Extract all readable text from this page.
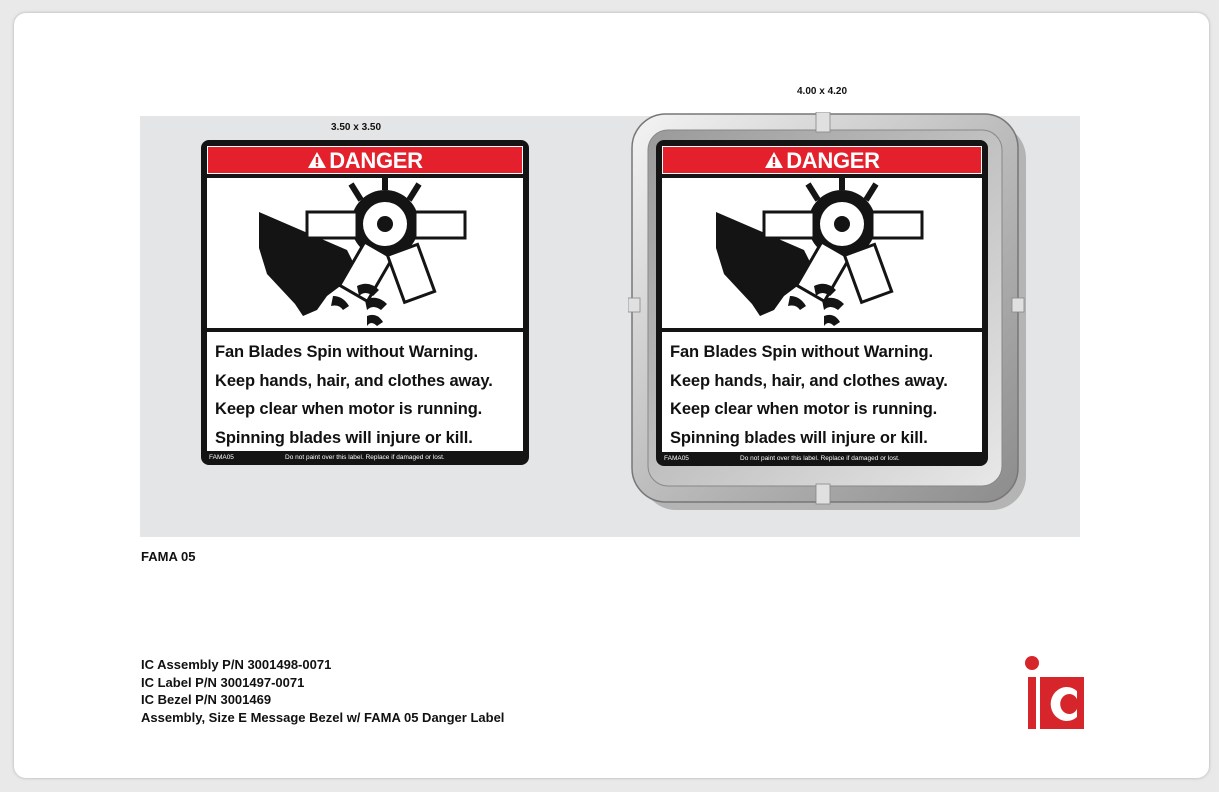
3.50 x 3.50
DANGER
Fan Blades Spin without Warning.
Keep hands, hair, and clothes away.
Keep clear when motor is running.
Spinning blades will injure or kill.
FAMA05	Do not paint over this label. Replace if damaged or lost.
4.00 x 4.20
DANGER
Fan Blades Spin without Warning.
Keep hands, hair, and clothes away.
Keep clear when motor is running.
Spinning blades will injure or kill.
FAMA05	Do not paint over this label. Replace if damaged or lost.
FAMA 05
IC Assembly P/N 3001498-0071
IC Label P/N 3001497-0071
IC Bezel P/N 3001469
Assembly, Size E Message Bezel w/ FAMA 05 Danger Label
